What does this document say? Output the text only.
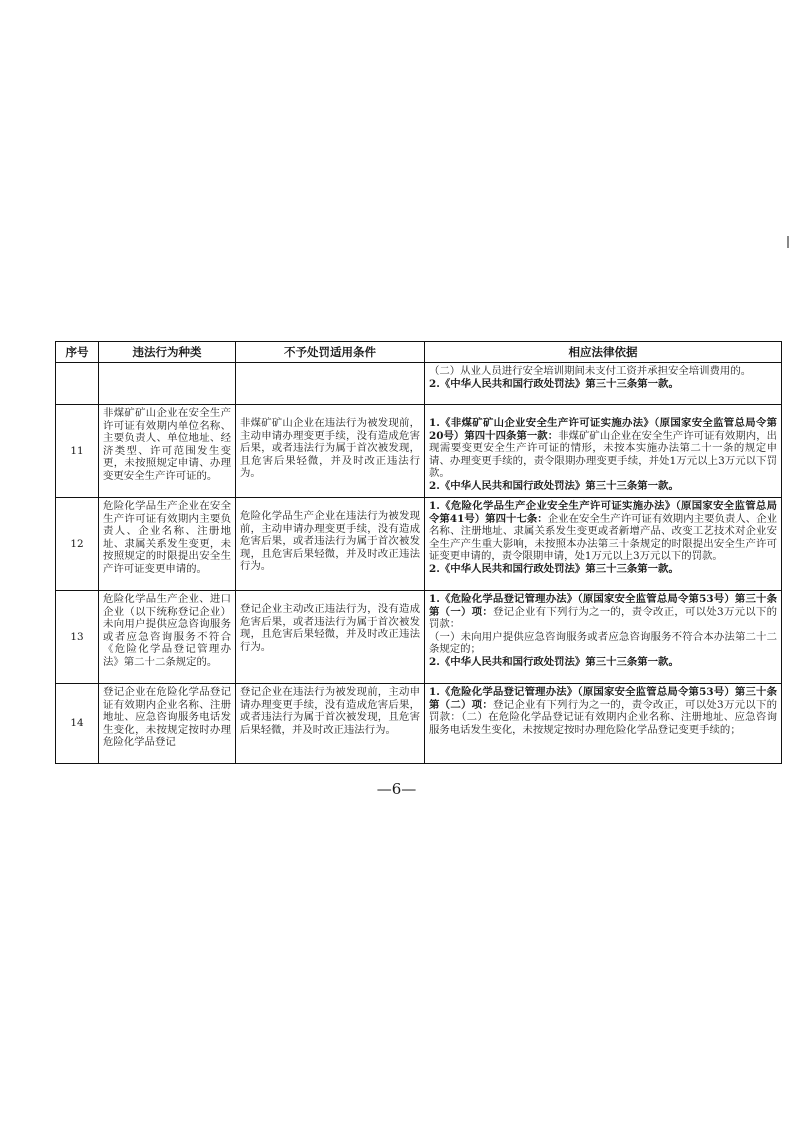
序号	违法行为种类	不予处罚适用条件	相应法律依据

			（二）从业人员进行安全培训期间未支付工资并承担安全培训费用的。
2.《中华人民共和国行政处罚法》第三十三条第一款。

11	非煤矿矿山企业在安全生产许可证有效期内单位名称、主要负责人、单位地址、经济类型、许可范围发生变更，未按照规定申请、办理变更安全生产许可证的。	非煤矿矿山企业在违法行为被发现前，主动申请办理变更手续，没有造成危害后果，或者违法行为属于首次被发现，且危害后果轻微，并及时改正违法行为。	1.《非煤矿矿山企业安全生产许可证实施办法》（原国家安全监管总局令第20号）第四十四条第一款：非煤矿矿山企业在安全生产许可证有效期内，出现需要变更安全生产许可证的情形，未按本实施办法第二十一条的规定申请、办理变更手续的，责令限期办理变更手续，并处1万元以上3万元以下罚款。
2.《中华人民共和国行政处罚法》第三十三条第一款。

12	危险化学品生产企业在安全生产许可证有效期内主要负责人、企业名称、注册地址、隶属关系发生变更，未按照规定的时限提出安全生产许可证变更申请的。	危险化学品生产企业在违法行为被发现前，主动申请办理变更手续，没有造成危害后果，或者违法行为属于首次被发现，且危害后果轻微，并及时改正违法行为。	1.《危险化学品生产企业安全生产许可证实施办法》（原国家安全监管总局令第41号）第四十七条：企业在安全生产许可证有效期内主要负责人、企业名称、注册地址、隶属关系发生变更或者新增产品、改变工艺技术对企业安全生产产生重大影响，未按照本办法第三十条规定的时限提出安全生产许可证变更申请的，责令限期申请，处1万元以上3万元以下的罚款。
2.《中华人民共和国行政处罚法》第三十三条第一款。

13	危险化学品生产企业、进口企业（以下统称登记企业）未向用户提供应急咨询服务或者应急咨询服务不符合《危险化学品登记管理办法》第二十二条规定的。	登记企业主动改正违法行为，没有造成危害后果，或者违法行为属于首次被发现，且危害后果轻微，并及时改正违法行为。	1.《危险化学品登记管理办法》（原国家安全监管总局令第53号）第三十条第（一）项：登记企业有下列行为之一的，责令改正，可以处3万元以下的罚款：
（一）未向用户提供应急咨询服务或者应急咨询服务不符合本办法第二十二条规定的；
2.《中华人民共和国行政处罚法》第三十三条第一款。

14	登记企业在危险化学品登记证有效期内企业名称、注册地址、应急咨询服务电话发生变化，未按规定按时办理危险化学品登记	登记企业在违法行为被发现前，主动申请办理变更手续，没有造成危害后果，或者违法行为属于首次被发现，且危害后果轻微，并及时改正违法行为。	1.《危险化学品登记管理办法》（原国家安全监管总局令第53号）第三十条第（二）项：登记企业有下列行为之一的，责令改正，可以处3万元以下的罚款：（二）在危险化学品登记证有效期内企业名称、注册地址、应急咨询服务电话发生变化，未按规定按时办理危险化学品登记变更手续的；
—6—
